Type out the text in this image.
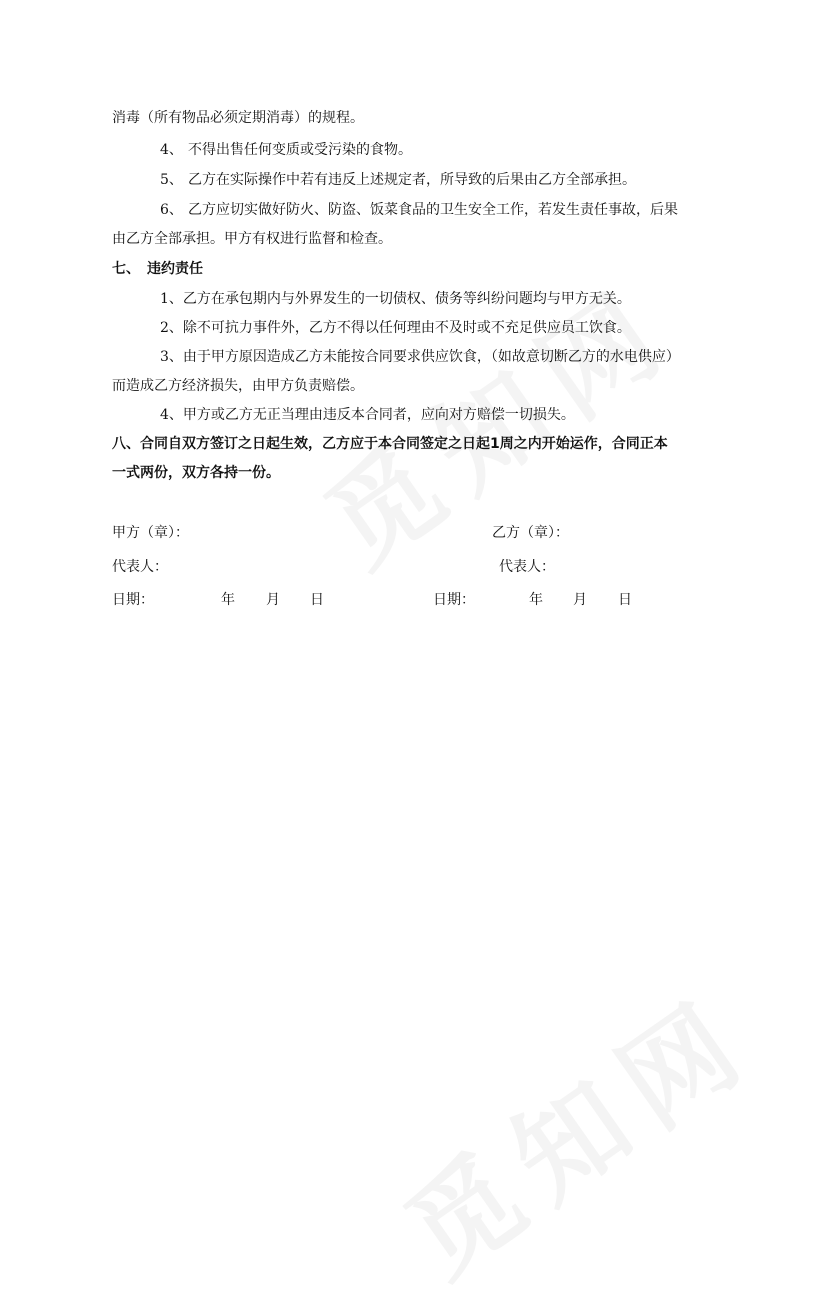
消毒（所有物品必须定期消毒）的规程。
4、 不得出售任何变质或受污染的食物。
5、 乙方在实际操作中若有违反上述规定者，所导致的后果由乙方全部承担。
6、 乙方应切实做好防火、防盗、饭菜食品的卫生安全工作，若发生责任事故，后果
由乙方全部承担。甲方有权进行监督和检查。
七、　违约责任
1、乙方在承包期内与外界发生的一切债权、债务等纠纷问题均与甲方无关。
2、除不可抗力事件外，乙方不得以任何理由不及时或不充足供应员工饮食。
3、由于甲方原因造成乙方未能按合同要求供应饮食，（如故意切断乙方的水电供应）
而造成乙方经济损失，由甲方负责赔偿。
4、甲方或乙方无正当理由违反本合同者，应向对方赔偿一切损失。
八、合同自双方签订之日起生效，乙方应于本合同签定之日起1周之内开始运作，合同正本
一式两份，双方各持一份。
甲方（章）：	乙方（章）：
代表人：	代表人：
日期：	年 月 日	日期：	年 月 日
